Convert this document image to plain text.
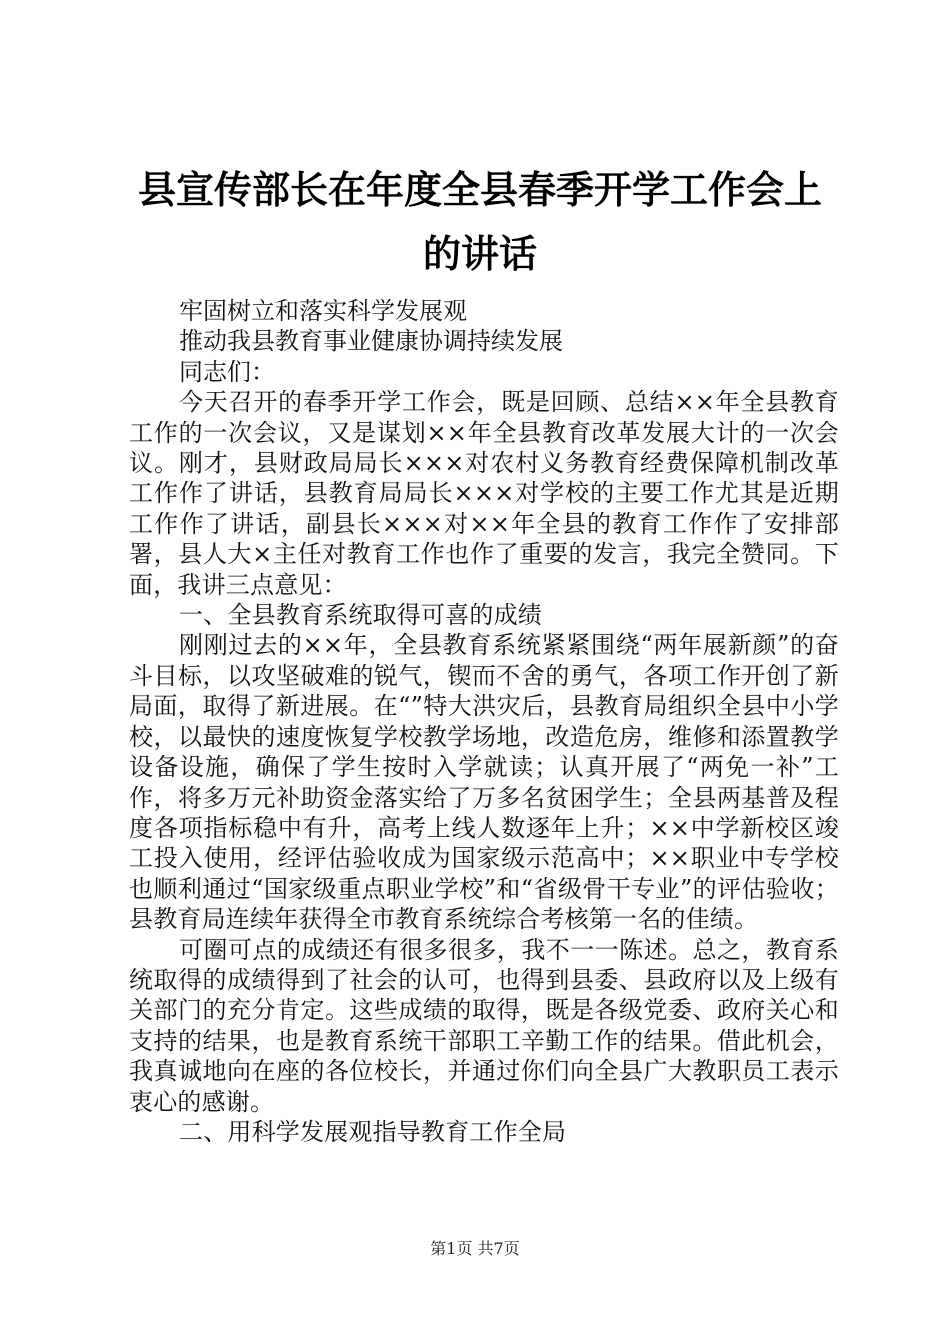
县宣传部长在年度全县春季开学工作会上的讲话

牢固树立和落实科学发展观

推动我县教育事业健康协调持续发展

同志们：

今天召开的春季开学工作会，既是回顾、总结××年全县教育工作的一次会议，又是谋划××年全县教育改革发展大计的一次会议。刚才，县财政局局长×××对农村义务教育经费保障机制改革工作作了讲话，县教育局局长×××对学校的主要工作尤其是近期工作作了讲话，副县长×××对××年全县的教育工作作了安排部署，县人大×主任对教育工作也作了重要的发言，我完全赞同。下面，我讲三点意见：

一、全县教育系统取得可喜的成绩

刚刚过去的××年，全县教育系统紧紧围绕“两年展新颜”的奋斗目标，以攻坚破难的锐气，锲而不舍的勇气，各项工作开创了新局面，取得了新进展。在“”特大洪灾后，县教育局组织全县中小学校，以最快的速度恢复学校教学场地，改造危房，维修和添置教学设备设施，确保了学生按时入学就读；认真开展了“两免一补”工作，将多万元补助资金落实给了万多名贫困学生；全县两基普及程度各项指标稳中有升，高考上线人数逐年上升；××中学新校区竣工投入使用，经评估验收成为国家级示范高中；××职业中专学校也顺利通过“国家级重点职业学校”和“省级骨干专业”的评估验收；县教育局连续年获得全市教育系统综合考核第一名的佳绩。

可圈可点的成绩还有很多很多，我不一一陈述。总之，教育系统取得的成绩得到了社会的认可，也得到县委、县政府以及上级有关部门的充分肯定。这些成绩的取得，既是各级党委、政府关心和支持的结果，也是教育系统干部职工辛勤工作的结果。借此机会，我真诚地向在座的各位校长，并通过你们向全县广大教职员工表示衷心的感谢。

二、用科学发展观指导教育工作全局

第1页 共7页
